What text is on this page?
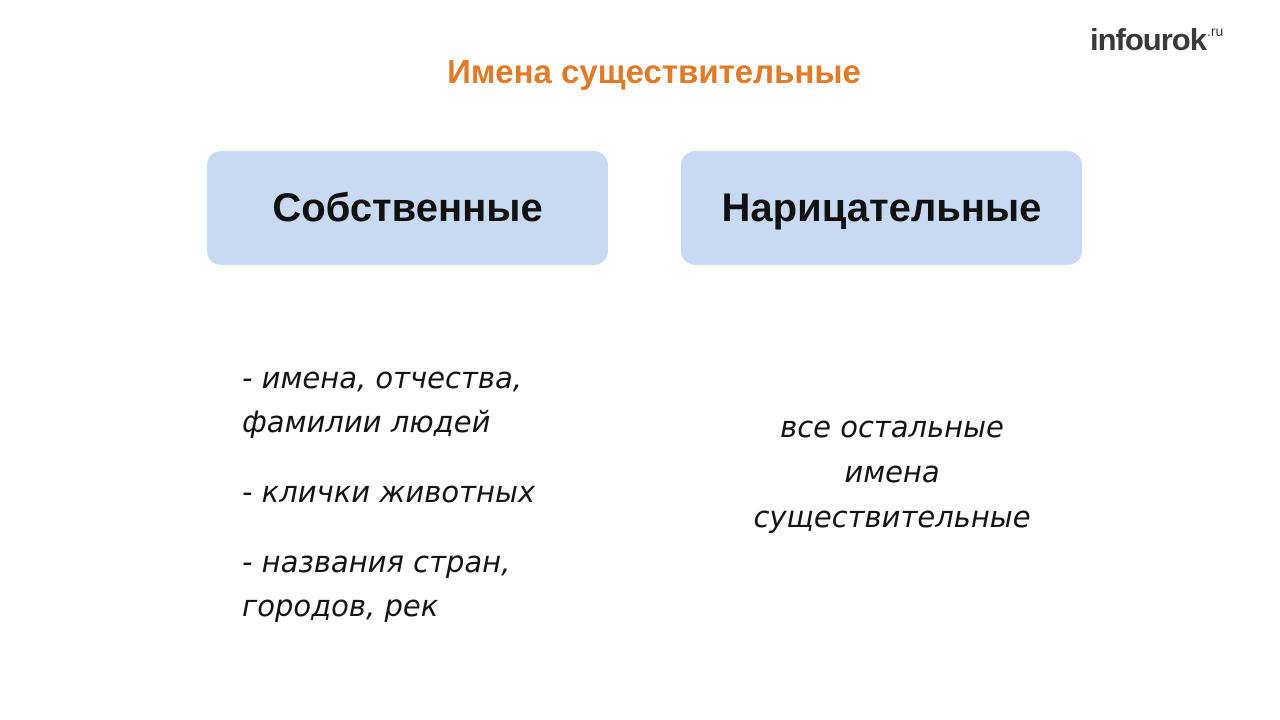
infourok.ru
Имена существительные
Собственные	Нарицательные
- имена, отчества,
фамилии людей
- клички животных
- названия стран,
городов, рек
все остальные
имена
существительные
